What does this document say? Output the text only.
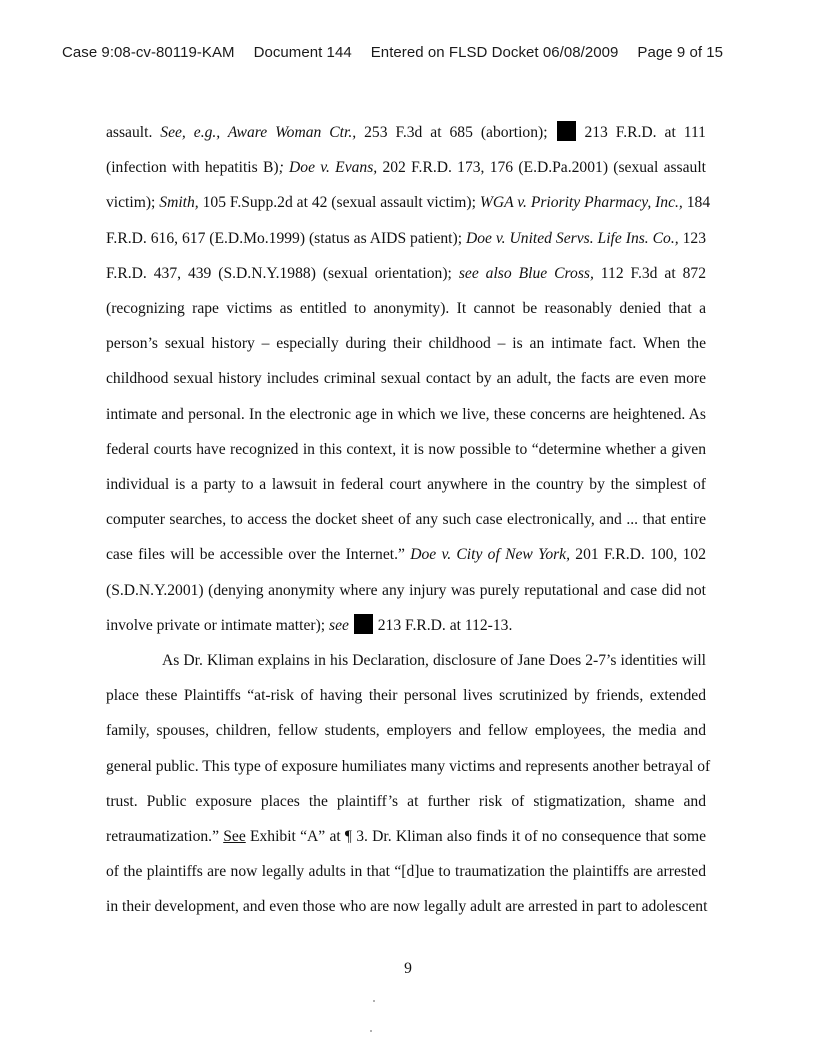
Case 9:08-cv-80119-KAM Document 144 Entered on FLSD Docket 06/08/2009 Page 9 of 15

assault. See, e.g., Aware Woman Ctr., 253 F.3d at 685 (abortion);  213 F.R.D. at 111
(infection with hepatitis B); Doe v. Evans, 202 F.R.D. 173, 176 (E.D.Pa.2001) (sexual assault
victim); Smith, 105 F.Supp.2d at 42 (sexual assault victim); WGA v. Priority Pharmacy, Inc., 184
F.R.D. 616, 617 (E.D.Mo.1999) (status as AIDS patient); Doe v. United Servs. Life Ins. Co., 123
F.R.D. 437, 439 (S.D.N.Y.1988) (sexual orientation); see also Blue Cross, 112 F.3d at 872
(recognizing rape victims as entitled to anonymity). It cannot be reasonably denied that a
person’s sexual history – especially during their childhood – is an intimate fact. When the
childhood sexual history includes criminal sexual contact by an adult, the facts are even more
intimate and personal. In the electronic age in which we live, these concerns are heightened. As
federal courts have recognized in this context, it is now possible to “determine whether a given
individual is a party to a lawsuit in federal court anywhere in the country by the simplest of
computer searches, to access the docket sheet of any such case electronically, and ... that entire
case files will be accessible over the Internet.” Doe v. City of New York, 201 F.R.D. 100, 102
(S.D.N.Y.2001) (denying anonymity where any injury was purely reputational and case did not
involve private or intimate matter); see  213 F.R.D. at 112-13.

As Dr. Kliman explains in his Declaration, disclosure of Jane Does 2-7’s identities will
place these Plaintiffs “at-risk of having their personal lives scrutinized by friends, extended
family, spouses, children, fellow students, employers and fellow employees, the media and
general public. This type of exposure humiliates many victims and represents another betrayal of
trust. Public exposure places the plaintiff’s at further risk of stigmatization, shame and
retraumatization.” See Exhibit “A” at ¶ 3. Dr. Kliman also finds it of no consequence that some
of the plaintiffs are now legally adults in that “[d]ue to traumatization the plaintiffs are arrested
in their development, and even those who are now legally adult are arrested in part to adolescent

9
